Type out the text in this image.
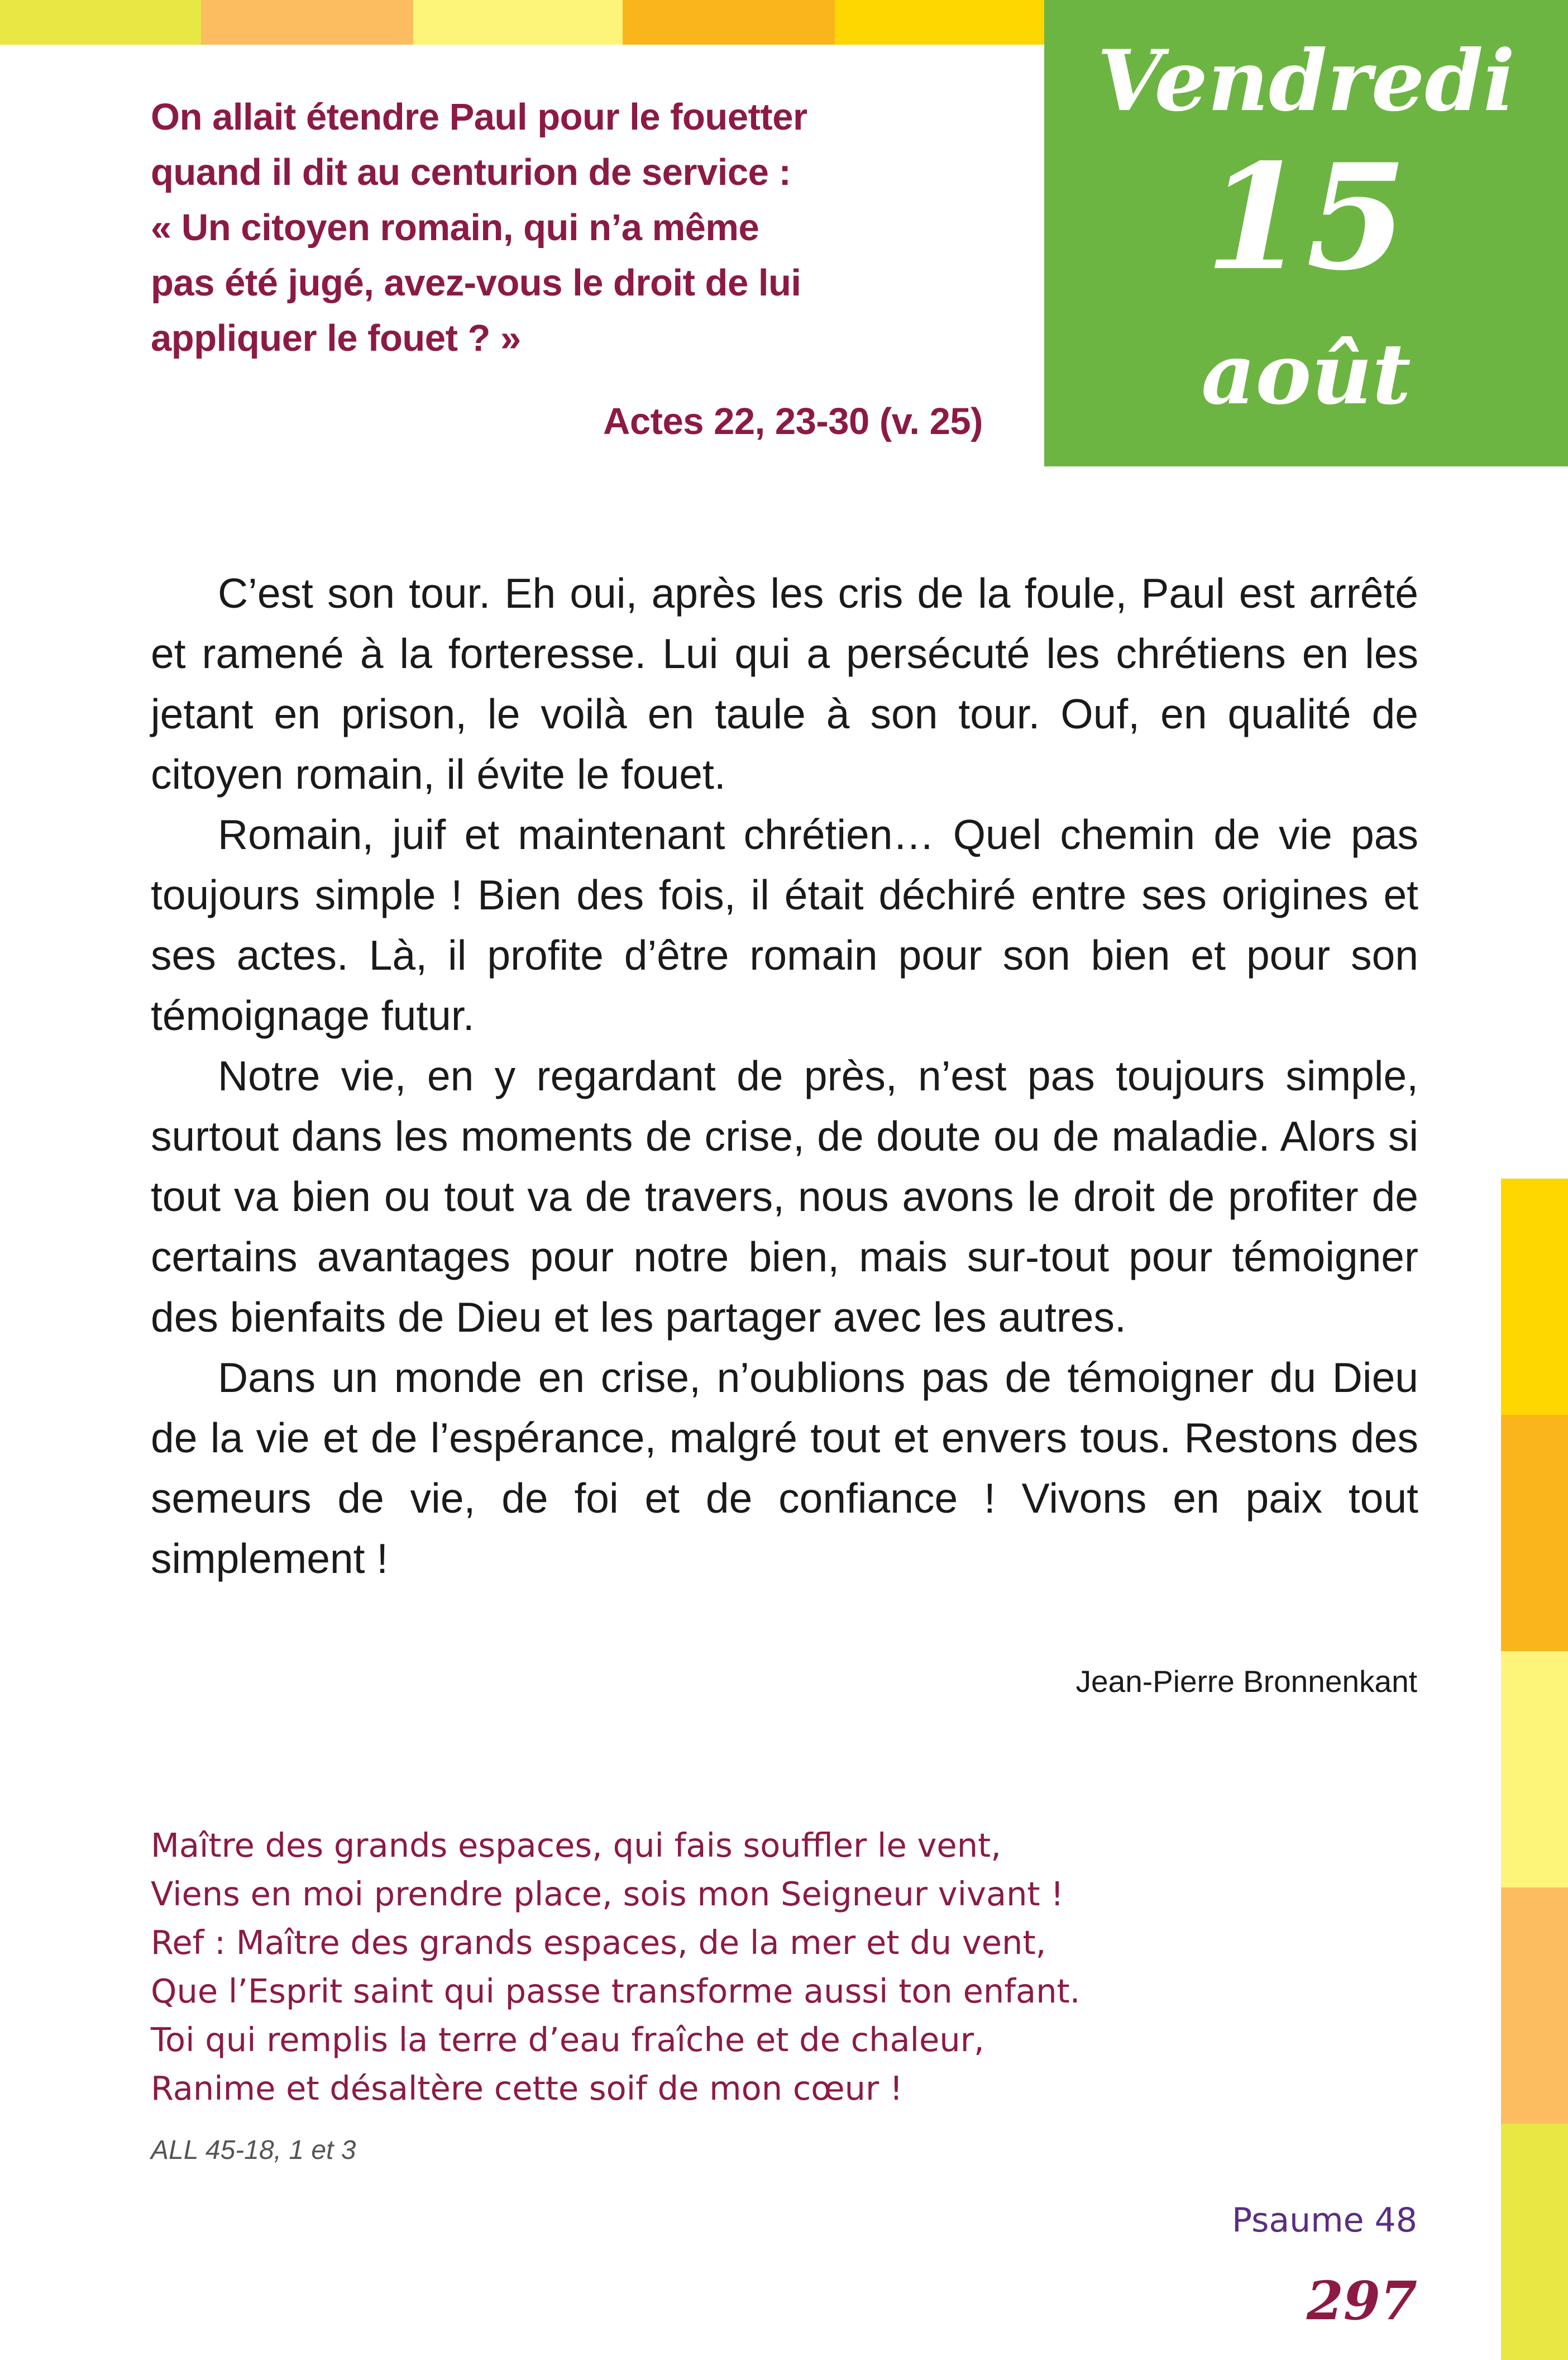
Vendredi
15
août

On allait étendre Paul pour le fouetter

quand il dit au centurion de service :

« Un citoyen romain, qui n’a même

pas été jugé, avez-vous le droit de lui

appliquer le fouet ? »

Actes 22, 23-30 (v. 25)

C’est son tour. Eh oui, après les cris de la foule, Paul est arrêté et ramené à la forteresse. Lui qui a persécuté les chrétiens en les jetant en prison, le voilà en taule à son tour. Ouf, en qualité de citoyen romain, il évite le fouet.

Romain, juif et maintenant chrétien… Quel chemin de vie pas toujours simple ! Bien des fois, il était déchiré entre ses origines et ses actes. Là, il profite d’être romain pour son bien et pour son témoignage futur.

Notre vie, en y regardant de près, n’est pas toujours simple, surtout dans les moments de crise, de doute ou de maladie. Alors si tout va bien ou tout va de travers, nous avons le droit de profiter de certains avantages pour notre bien, mais sur-tout pour témoigner des bienfaits de Dieu et les partager avec les autres.

Dans un monde en crise, n’oublions pas de témoigner du Dieu de la vie et de l’espérance, malgré tout et envers tous. Restons des semeurs de vie, de foi et de confiance ! Vivons en paix tout simplement !

Jean-Pierre Bronnenkant
Maître des grands espaces, qui fais souffler le vent,
Viens en moi prendre place, sois mon Seigneur vivant !
Ref : Maître des grands espaces, de la mer et du vent,
Que l’Esprit saint qui passe transforme aussi ton enfant.
Toi qui remplis la terre d’eau fraîche et de chaleur,
Ranime et désaltère cette soif de mon cœur !
ALL 45-18, 1 et 3
Psaume 48
297
